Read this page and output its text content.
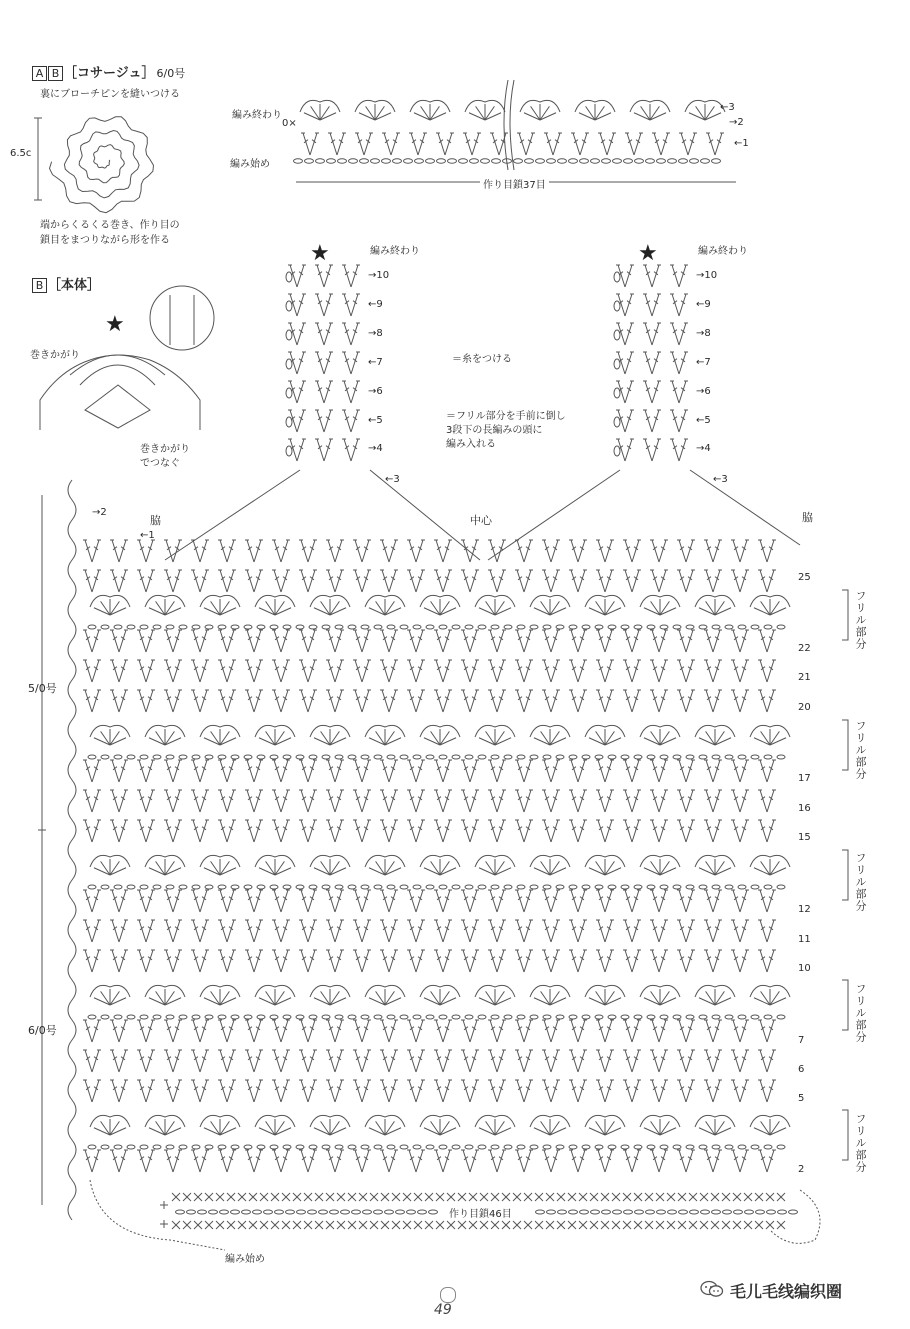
A B ［コサージュ］ 6/0号
裏にブローチピンを縫いつける
6.5c
端からくるくる巻き、作り目の
鎖目をまつりながら形を作る
編み終わり
編み始め
0×
←3
→2
←1
作り目鎖37目
B ［本体］
★
巻きかがり
巻きかがり
でつなぐ
＝糸をつける
＝フリル部分を手前に倒し
3段下の長編みの頭に
編み入れる
★	編み終わり	★	編み終わり
→4
←5
→6
←7
→8
←9
→10
←3
→4
←5
→6
←7
→8
←9
→10
←3
→2
←1
脇	中心	脇
5/0号
6/0号
フリル部分
フリル部分
フリル部分
フリル部分
フリル部分
25
22
21
20
17
16
15
12
11
10
7
6
5
2
作り目鎖46目
編み始め
49
毛儿毛线编织圈
